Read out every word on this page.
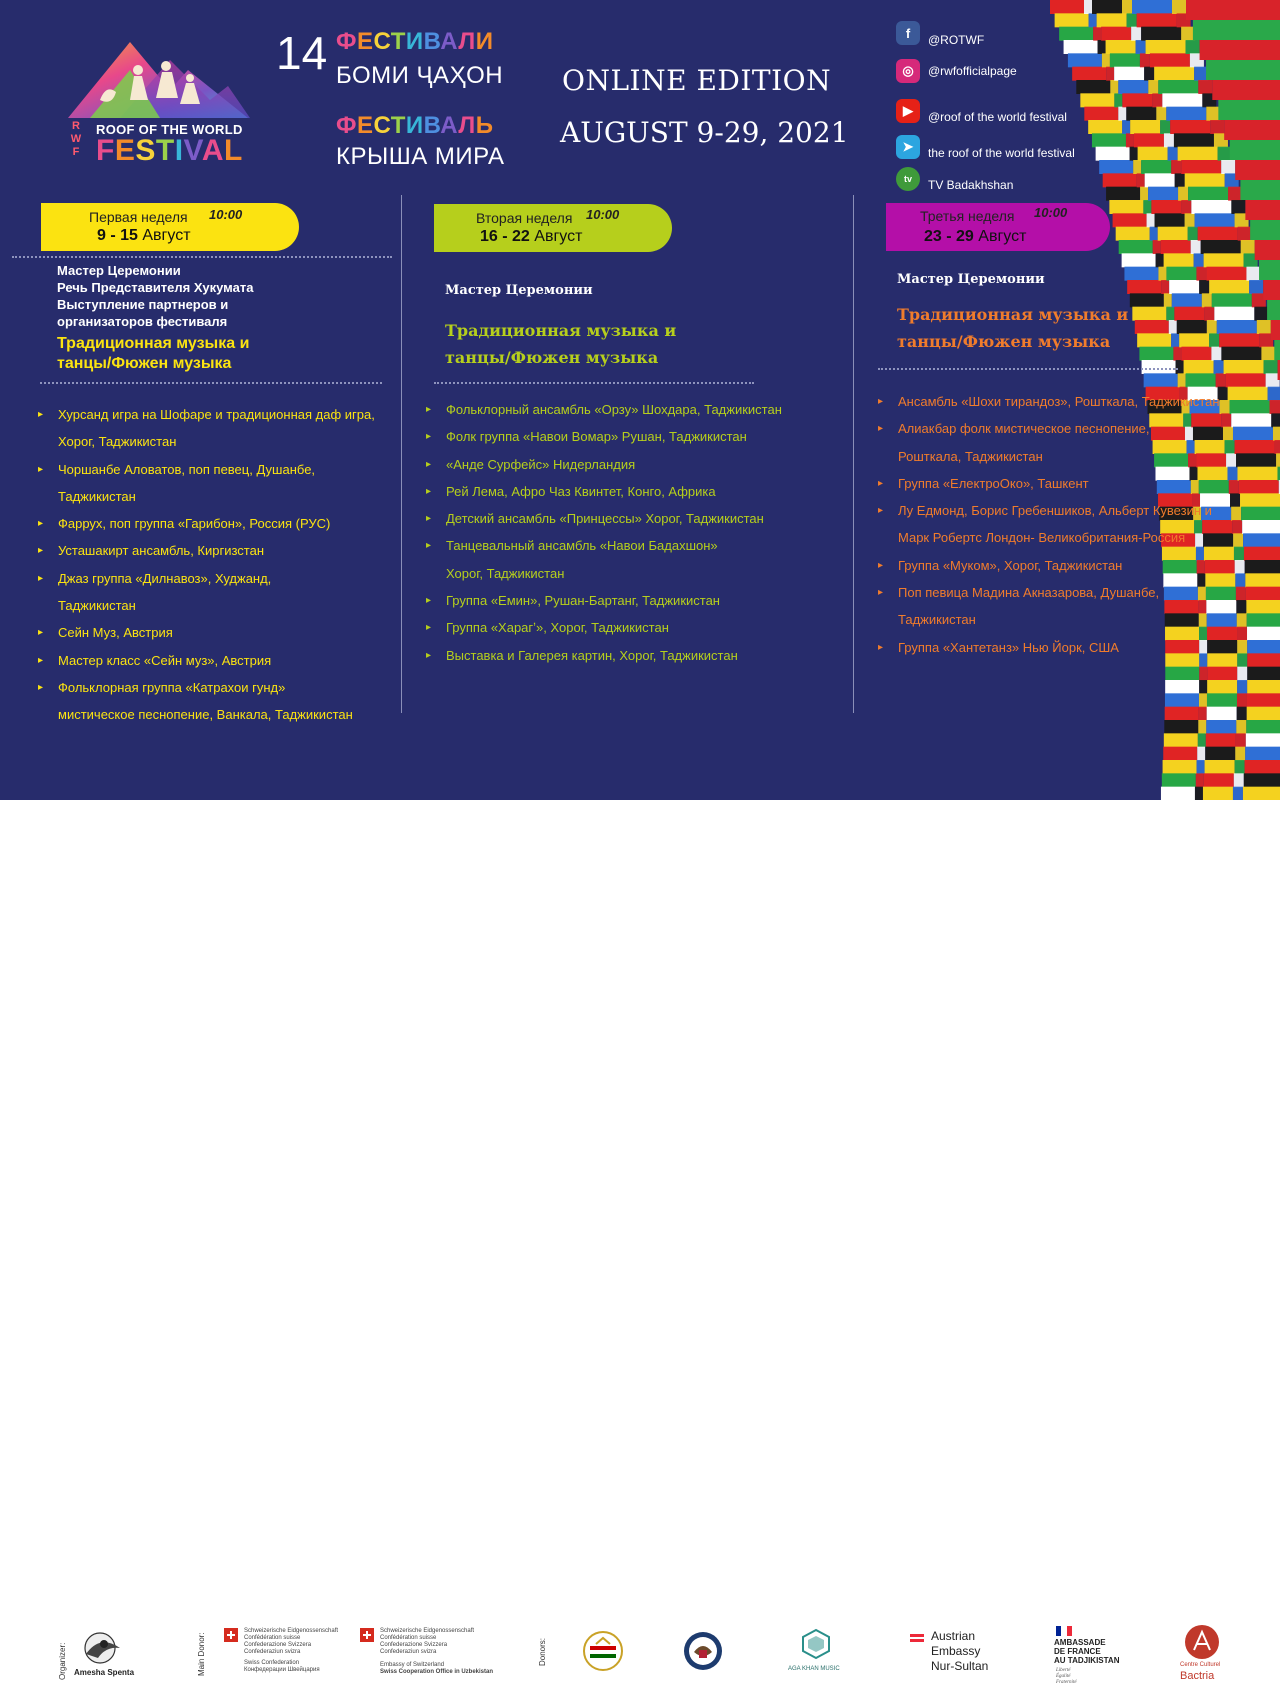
R
W
F
ROOF OF THE WORLD
FESTIVAL
14 ФЕСТИВАЛИ
БОМИ ҶАҲОН
ФЕСТИВАЛЬ
КРЫША МИРА
ONLINE EDITION
AUGUST 9-29, 2021
f	@ROTWF
◎	@rwfofficialpage
▶	@roof of the world festival
➤	the roof of the world festival
tv	TV Badakhshan
Первая неделя 10:00
9 - 15 Август
Мастер Церемонии
Речь Представителя Хукумата
Выступление партнеров и
организаторов фестиваля
Традиционная музыка и
танцы/Фюжен музыка
▸ Хурсанд игра на Шофаре и традиционная даф игра,
Хорог, Таджикистан
▸ Чоршанбе Аловатов, поп певец, Душанбе,
Таджикистан
▸ Фаррух, поп группа «Гарибон», Россия (РУС)
▸ Усташакирт ансамбль, Киргизстан
▸ Джаз группа «Дилнавоз», Худжанд,
Таджикистан
▸ Сейн Муз, Австрия
▸ Мастер класс «Сейн муз», Австрия
▸ Фольклорная группа «Катрахои гунд»
мистическое песнопение, Ванкала, Таджикистан
Вторая неделя 10:00
16 - 22 Август
Мастер Церемонии
Традиционная музыка и
танцы/Фюжен музыка
▸ Фольклорный ансамбль «Орзу» Шохдара, Таджикистан
▸ Фолк группа «Навои Вомар» Рушан, Таджикистан
▸ «Анде Сурфейс» Нидерландия
▸ Рей Лема, Афро Чаз Квинтет, Конго, Африка
▸ Детский ансамбль «Принцессы» Хорог, Таджикистан
▸ Танцевальный ансамбль «Навои Бадахшон»
Хорог, Таджикистан
▸ Группа «Емин», Рушан-Бартанг, Таджикистан
▸ Группа «Харагʼ», Хорог, Таджикистан
▸ Выставка и Галерея картин, Хорог, Таджикистан
Третья неделя 10:00
23 - 29 Август
Мастер Церемонии
Традиционная музыка и
танцы/Фюжен музыка
▸ Ансамбль «Шохи тирандоз», Рошткала, Таджикистан
▸ Алиакбар фолк мистическое песнопение,
Рошткала, Таджикистан
▸ Группа «ЕлектроОко», Ташкент
▸ Лу Едмонд, Борис Гребеншиков, Альберт Кувезин и
Марк Робертс Лондон- Великобритания-Россия
▸ Группа «Муком», Хорог, Таджикистан
▸ Поп певица Мадина Акназарова, Душанбе,
Таджикистан
▸ Группа «Хантетанз» Нью Йорк, США
Organizer: Amesha Spenta	Main Donor:
Schweizerische Eidgenossenschaft
Confédération suisse
Confederazione Svizzera
Confederaziun svizra
Swiss Confederation
Конфедерации Швейцария
Schweizerische Eidgenossenschaft
Confédération suisse
Confederazione Svizzera
Confederaziun svizra
Embassy of Switzerland
Swiss Cooperation Office in Uzbekistan
Donors:
AGA KHAN MUSIC
Austrian
Embassy
Nur-Sultan
AMBASSADE
DE FRANCE
AU TADJIKISTAN
Liberté
Égalité
Fraternité
Centre Culturel
Bactria
